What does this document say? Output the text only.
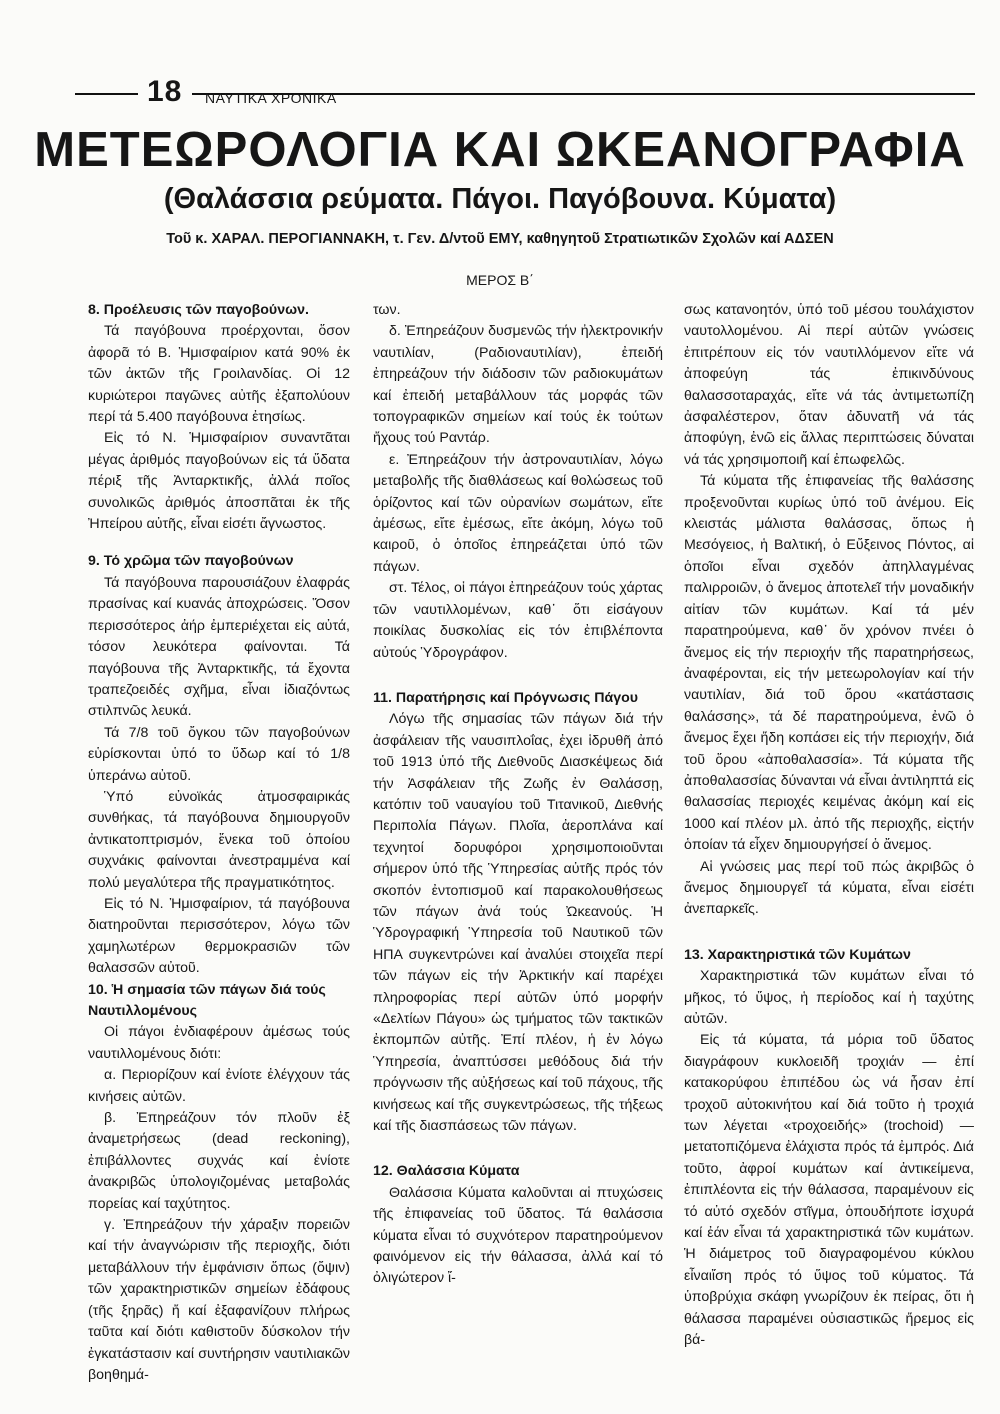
18 ΝΑΥΤΙΚΑ ΧΡΟΝΙΚΑ
ΜΕΤΕΩΡΟΛΟΓΙΑ ΚΑΙ ΩΚΕΑΝΟΓΡΑΦΙΑ
(Θαλάσσια ρεύματα. Πάγοι. Παγόβουνα. Κύματα)
Τοῦ κ. ΧΑΡΑΛ. ΠΕΡΟΓΙΑΝΝΑΚΗ, τ. Γεν. Δ/ντοῦ ΕΜΥ, καθηγητοῦ Στρατιωτικῶν Σχολῶν καί ΑΔΣΕΝ
ΜΕΡΟΣ Β΄
8. Προέλευσις τῶν παγοβούνων.

Τά παγόβουνα προέρχονται, ὅσον ἀφορᾶ τό Β. Ἡμισφαίριον κατά 90% ἐκ τῶν ἀκτῶν τῆς Γροιλανδίας. Οἱ 12 κυριώτεροι παγῶνες αὐτῆς ἐξαπολύουν περί τά 5.400 παγόβουνα ἐτησίως.

Εἰς τό Ν. Ἡμισφαίριον συναντᾶται μέγας ἀριθμός παγοβούνων εἰς τά ὕδατα πέριξ τῆς Ἀνταρκτικῆς, ἀλλά ποῖος συνολικῶς ἀριθμός ἀποσπᾶται ἐκ τῆς Ἠπείρου αὐτῆς, εἶναι εἰσέτι ἄγνωστος.

9. Τό χρῶμα τῶν παγοβούνων

Τά παγόβουνα παρουσιάζουν ἐλαφράς πρασίνας καί κυανάς ἀποχρώσεις. Ὅσον περισσότερος ἀήρ ἐμπεριέχεται εἰς αὐτά, τόσον λευκότερα φαίνονται. Τά παγόβουνα τῆς Ἀνταρκτικῆς, τά ἔχοντα τραπεζοειδές σχῆμα, εἶναι ἰδιαζόντως στιλπνῶς λευκά.

Τά 7/8 τοῦ ὄγκου τῶν παγοβούνων εὑρίσκονται ὑπό το ὕδωρ καί τό 1/8 ὑπεράνω αὐτοῦ.

Ὑπό εὐνοϊκάς ἀτμοσφαιρικάς συνθήκας, τά παγόβουνα δημιουργοῦν ἀντικατοπτρισμόν, ἕνεκα τοῦ ὁποίου συχνάκις φαίνονται ἀνεστραμμένα καί πολύ μεγαλύτερα τῆς πραγματικότητος.

Εἰς τό Ν. Ἡμισφαίριον, τά παγόβουνα διατηροῦνται περισσότερον, λόγω τῶν χαμηλωτέρων θερμοκρασιῶν τῶν θαλασσῶν αὐτοῦ.

10. Ἡ σημασία τῶν πάγων διά τούς Ναυτιλλομένους

Οἱ πάγοι ἐνδιαφέρουν ἀμέσως τούς ναυτιλλομένους διότι:

α. Περιορίζουν καί ἐνίοτε ἐλέγχουν τάς κινήσεις αὐτῶν.

β. Ἐπηρεάζουν τόν πλοῦν ἐξ ἀναμετρήσεως (dead reckoning), ἐπιβάλλοντες συχνάς καί ἐνίοτε ἀνακριβῶς ὑπολογιζομένας μεταβολάς πορείας καί ταχύτητος.

γ. Ἐπηρεάζουν τήν χάραξιν πορειῶν καί τήν ἀναγνώρισιν τῆς περιοχῆς, διότι μεταβάλλουν τήν ἐμφάνισιν ὅπως (ὄψιν) τῶν χαρακτηριστικῶν σημείων ἐδάφους (τῆς ξηρᾶς) ἤ καί ἐξαφανίζουν πλήρως ταῦτα καί διότι καθιστοῦν δύσκολον τήν ἐγκατάστασιν καί συντήρησιν ναυτιλιακῶν βοηθημά-

των.

δ. Ἐπηρεάζουν δυσμενῶς τήν ἠλεκτρονικήν ναυτιλίαν, (Ραδιοναυτιλίαν), ἐπειδή ἐπηρεάζουν τήν διάδοσιν τῶν ραδιοκυμάτων καί ἐπειδή μεταβάλλουν τάς μορφάς τῶν τοπογραφικῶν σημείων καί τούς ἐκ τούτων ἤχους τού Ραντάρ.

ε. Ἐπηρεάζουν τήν ἀστροναυτιλίαν, λόγω μεταβολῆς τῆς διαθλάσεως καί θολώσεως τοῦ ὁρίζοντος καί τῶν οὐρανίων σωμάτων, εἴτε ἀμέσως, εἴτε ἐμέσως, εἴτε ἀκόμη, λόγω τοῦ καιροῦ, ὁ ὁποῖος ἐπηρεάζεται ὑπό τῶν πάγων.

στ. Τέλος, οἱ πάγοι ἐπηρεάζουν τούς χάρτας τῶν ναυτιλλομένων, καθ᾿ ὅτι εἰσάγουν ποικίλας δυσκολίας εἰς τόν ἐπιβλέποντα αὐτούς Ὑδρογράφον.

11. Παρατήρησις καί Πρόγνωσις Πάγου

Λόγω τῆς σημασίας τῶν πάγων διά τήν ἀσφάλειαν τῆς ναυσιπλοΐας, ἐχει ἱδρυθῆ ἀπό τοῦ 1913 ὑπό τῆς Διεθνοῦς Διασκέψεως διά τήν Ἀσφάλειαν τῆς Ζωῆς ἐν Θαλάσσῃ, κατόπιν τοῦ ναυαγίου τοῦ Τιτανικοῦ, Διεθνής Περιπολία Πάγων. Πλοῖα, ἀεροπλάνα καί τεχνητοί δορυφόροι χρησιμοποιοῦνται σήμερον ὑπό τῆς Ὑπηρεσίας αὐτῆς πρός τόν σκοπόν ἐντοπισμοῦ καί παρακολουθήσεως τῶν πάγων ἀνά τούς Ὠκεανούς. Ἡ Ὑδρογραφική Ὑπηρεσία τοῦ Ναυτικοῦ τῶν ΗΠΑ συγκεντρώνει καί ἀναλύει στοιχεῖα περί τῶν πάγων εἰς τήν Ἀρκτικήν καί παρέχει πληροφορίας περί αὐτῶν ὑπό μορφήν «Δελτίων Πάγου» ὡς τμήματος τῶν τακτικῶν ἐκπομπῶν αὐτῆς. Ἐπί πλέον, ἡ ἐν λόγω Ὑπηρεσία, ἀναπτύσσει μεθόδους διά τήν πρόγνωσιν τῆς αὐξήσεως καί τοῦ πάχους, τῆς κινήσεως καί τῆς συγκεντρώσεως, τῆς τήξεως καί τῆς διασπάσεως τῶν πάγων.

12. Θαλάσσια Κύματα

Θαλάσσια Κύματα καλοῦνται αἱ πτυχώσεις τῆς ἐπιφανείας τοῦ ὕδατος. Τά θαλάσσια κύματα εἶναι τό συχνότερον παρατηρούμενον φαινόμενον εἰς τήν θάλασσα, ἀλλά καί τό ὀλιγώτερον ἴ-

σως κατανοητόν, ὑπό τοῦ μέσου τουλάχιστον ναυτολλομένου. Αἱ περί αὐτῶν γνώσεις ἐπιτρέπουν εἰς τόν ναυτιλλόμενον εἴτε νά ἀποφεύγη τάς ἐπικινδύνους θαλασσοταραχάς, εἴτε νά τάς ἀντιμετωπίζη ἀσφαλέστερον, ὅταν ἀδυνατῆ νά τάς ἀποφύγη, ἐνῶ εἰς ἄλλας περιπτώσεις δύναται νά τάς χρησιμοποιῆ καί ἐπωφελῶς.

Τά κύματα τῆς ἐπιφανείας τῆς θαλάσσης προξενοῦνται κυρίως ὑπό τοῦ ἀνέμου. Εἰς κλειστάς μάλιστα θαλάσσας, ὅπως ἡ Μεσόγειος, ἡ Βαλτική, ὁ Εὔξεινος Πόντος, αἱ ὁποῖοι εἶναι σχεδόν ἀπηλλαγμένας παλιρροιῶν, ὁ ἄνεμος ἀποτελεῖ τήν μοναδικήν αἰτίαν τῶν κυμάτων. Καί τά μέν παρατηρούμενα, καθ᾿ ὅν χρόνον πνέει ὁ ἄνεμος εἰς τήν περιοχήν τῆς παρατηρήσεως, ἀναφέρονται, εἰς τήν μετεωρολογίαν καί τήν ναυτιλίαν, διά τοῦ ὅρου «κατάστασις θαλάσσης», τά δέ παρατηρούμενα, ἐνῶ ὁ ἄνεμος ἔχει ἤδη κοπάσει εἰς τήν περιοχήν, διά τοῦ ὅρου «ἀποθαλασσία». Τά κύματα τῆς ἀποθαλασσίας δύνανται νά εἶναι ἀντιληπτά εἰς θαλασσίας περιοχές κειμένας ἀκόμη καί εἰς 1000 καί πλέον μλ. ἀπό τῆς περιοχῆς, εἰςτήν ὁποίαν τά εἶχεν δημιουργήσεί ὁ ἄνεμος.

Αἱ γνώσεις μας περί τοῦ πώς ἀκριβῶς ὁ ἄνεμος δημιουργεῖ τά κύματα, εἶναι εἰσέτι ἀνεπαρκεῖς.

13. Χαρακτηριστικά τῶν Κυμάτων

Χαρακτηριστικά τῶν κυμάτων εἶναι τό μῆκος, τό ὕψος, ἡ περίοδος καί ἡ ταχύτης αὐτῶν.

Εἰς τά κύματα, τά μόρια τοῦ ὕδατος διαγράφουν κυκλοειδῆ τροχιάν — ἐπί κατακορύφου ἐπιπέδου ὡς νά ἦσαν ἐπί τροχοῦ αὐτοκινήτου καί διά τοῦτο ἡ τροχιά των λέγεται «τροχοειδής» (trochoid) — μετατοπιζόμενα ἐλάχιστα πρός τά ἐμπρός. Διά τοῦτο, ἀφροί κυμάτων καί ἀντικείμενα, ἐπιπλέοντα εἰς τήν θάλασσα, παραμένουν εἰς τό αὐτό σχεδόν στῖγμα, ὁπουδήποτε ἰσχυρά καί ἐάν εἶναι τά χαρακτηριστικά τῶν κυμάτων. Ἡ διάμετρος τοῦ διαγραφομένου κύκλου εἶναιἴση πρός τό ὕψος τοῦ κύματος. Τά ὑποβρύχια σκάφη γνωρίζουν ἐκ πείρας, ὅτι ἡ θάλασσα παραμένει οὐσιαστικῶς ἤρεμος εἰς βά-
